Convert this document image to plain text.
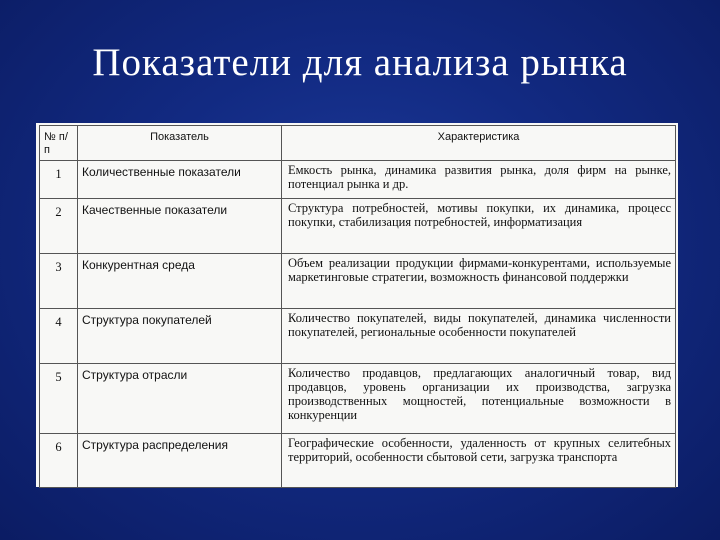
Показатели для анализа рынка
№ п/п	Показатель	Характеристика
1	Количественные показатели	Емкость рынка, динамика развития рынка, доля фирм на рынке, потенциал рынка и др.
2	Качественные показатели	Структура потребностей, мотивы покупки, их динамика, процесс покупки, стабилизация потребностей, информатизация
3	Конкурентная среда	Объем реализации продукции фирмами-конкурентами, используемые маркетинговые стратегии, возможность финансовой поддержки
4	Структура покупателей	Количество покупателей, виды покупателей, динамика численности покупателей, региональные особенности покупателей
5	Структура отрасли	Количество продавцов, предлагающих аналогичный товар, вид продавцов, уровень организации их производства, загрузка производственных мощностей, потенциальные возможности в конкуренции
6	Структура распределения	Географические особенности, удаленность от крупных селитебных территорий, особенности сбытовой сети, загрузка транспорта
